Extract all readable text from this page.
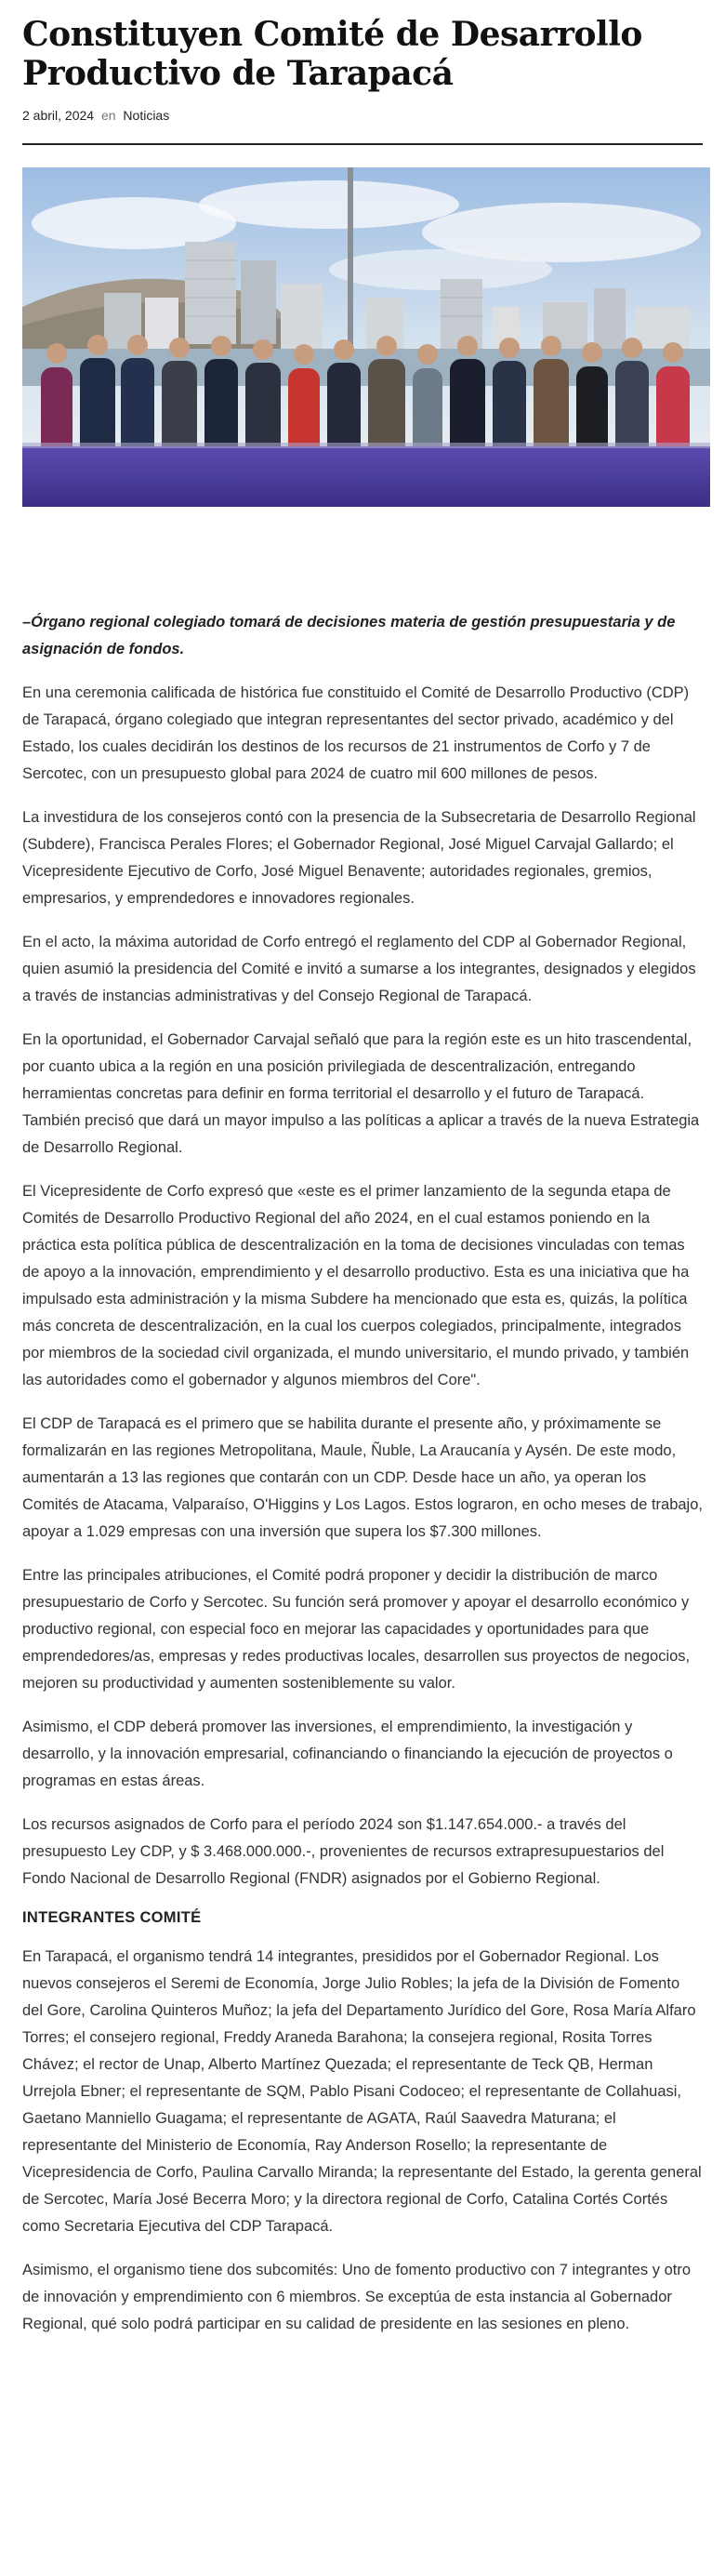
Constituyen Comité de Desarrollo Productivo de Tarapacá
2 abril, 2024 en Noticias

–Órgano regional colegiado tomará de decisiones materia de gestión presupuestaria y de asignación de fondos.

En una ceremonia calificada de histórica fue constituido el Comité de Desarrollo Productivo (CDP) de Tarapacá, órgano colegiado que integran representantes del sector privado, académico y del Estado, los cuales decidirán los destinos de los recursos de 21 instrumentos de Corfo y 7 de Sercotec, con un presupuesto global para 2024 de cuatro mil 600 millones de pesos.

La investidura de los consejeros contó con la presencia de la Subsecretaria de Desarrollo Regional (Subdere), Francisca Perales Flores; el Gobernador Regional, José Miguel Carvajal Gallardo; el Vicepresidente Ejecutivo de Corfo, José Miguel Benavente; autoridades regionales, gremios, empresarios, y emprendedores e innovadores regionales.

En el acto, la máxima autoridad de Corfo entregó el reglamento del CDP al Gobernador Regional, quien asumió la presidencia del Comité e invitó a sumarse a los integrantes, designados y elegidos a través de instancias administrativas y del Consejo Regional de Tarapacá.

En la oportunidad, el Gobernador Carvajal señaló que para la región este es un hito trascendental, por cuanto ubica a la región en una posición privilegiada de descentralización, entregando herramientas concretas para definir en forma territorial el desarrollo y el futuro de Tarapacá. También precisó que dará un mayor impulso a las políticas a aplicar a través de la nueva Estrategia de Desarrollo Regional.

El Vicepresidente de Corfo expresó que «este es el primer lanzamiento de la segunda etapa de Comités de Desarrollo Productivo Regional del año 2024, en el cual estamos poniendo en la práctica esta política pública de descentralización en la toma de decisiones vinculadas con temas de apoyo a la innovación, emprendimiento y el desarrollo productivo. Esta es una iniciativa que ha impulsado esta administración y la misma Subdere ha mencionado que esta es, quizás, la política más concreta de descentralización, en la cual los cuerpos colegiados, principalmente, integrados por miembros de la sociedad civil organizada, el mundo universitario, el mundo privado, y también las autoridades como el gobernador y algunos miembros del Core".

El CDP de Tarapacá es el primero que se habilita durante el presente año, y próximamente se formalizarán en las regiones Metropolitana, Maule, Ñuble, La Araucanía y Aysén. De este modo, aumentarán a 13 las regiones que contarán con un CDP. Desde hace un año, ya operan los Comités de Atacama, Valparaíso, O'Higgins y Los Lagos. Estos lograron, en ocho meses de trabajo, apoyar a 1.029 empresas con una inversión que supera los $7.300 millones.

Entre las principales atribuciones, el Comité podrá proponer y decidir la distribución de marco presupuestario de Corfo y Sercotec. Su función será promover y apoyar el desarrollo económico y productivo regional, con especial foco en mejorar las capacidades y oportunidades para que emprendedores/as, empresas y redes productivas locales, desarrollen sus proyectos de negocios, mejoren su productividad y aumenten sosteniblemente su valor.

Asimismo, el CDP deberá promover las inversiones, el emprendimiento, la investigación y desarrollo, y la innovación empresarial, cofinanciando o financiando la ejecución de proyectos o programas en estas áreas.

Los recursos asignados de Corfo para el período 2024 son $1.147.654.000.- a través del presupuesto Ley CDP, y $ 3.468.000.000.-, provenientes de recursos extrapresupuestarios del Fondo Nacional de Desarrollo Regional (FNDR) asignados por el Gobierno Regional.

INTEGRANTES COMITÉ

En Tarapacá, el organismo tendrá 14 integrantes, presididos por el Gobernador Regional. Los nuevos consejeros el Seremi de Economía, Jorge Julio Robles; la jefa de la División de Fomento del Gore, Carolina Quinteros Muñoz; la jefa del Departamento Jurídico del Gore, Rosa María Alfaro Torres; el consejero regional, Freddy Araneda Barahona; la consejera regional, Rosita Torres Chávez; el rector de Unap, Alberto Martínez Quezada; el representante de Teck QB, Herman Urrejola Ebner; el representante de SQM, Pablo Pisani Codoceo; el representante de Collahuasi, Gaetano Manniello Guagama; el representante de AGATA, Raúl Saavedra Maturana; el representante del Ministerio de Economía, Ray Anderson Rosello; la representante de Vicepresidencia de Corfo, Paulina Carvallo Miranda; la representante del Estado, la gerenta general de Sercotec, María José Becerra Moro; y la directora regional de Corfo, Catalina Cortés Cortés como Secretaria Ejecutiva del CDP Tarapacá.

Asimismo, el organismo tiene dos subcomités: Uno de fomento productivo con 7 integrantes y otro de innovación y emprendimiento con 6 miembros. Se exceptúa de esta instancia al Gobernador Regional, qué solo podrá participar en su calidad de presidente en las sesiones en pleno.
